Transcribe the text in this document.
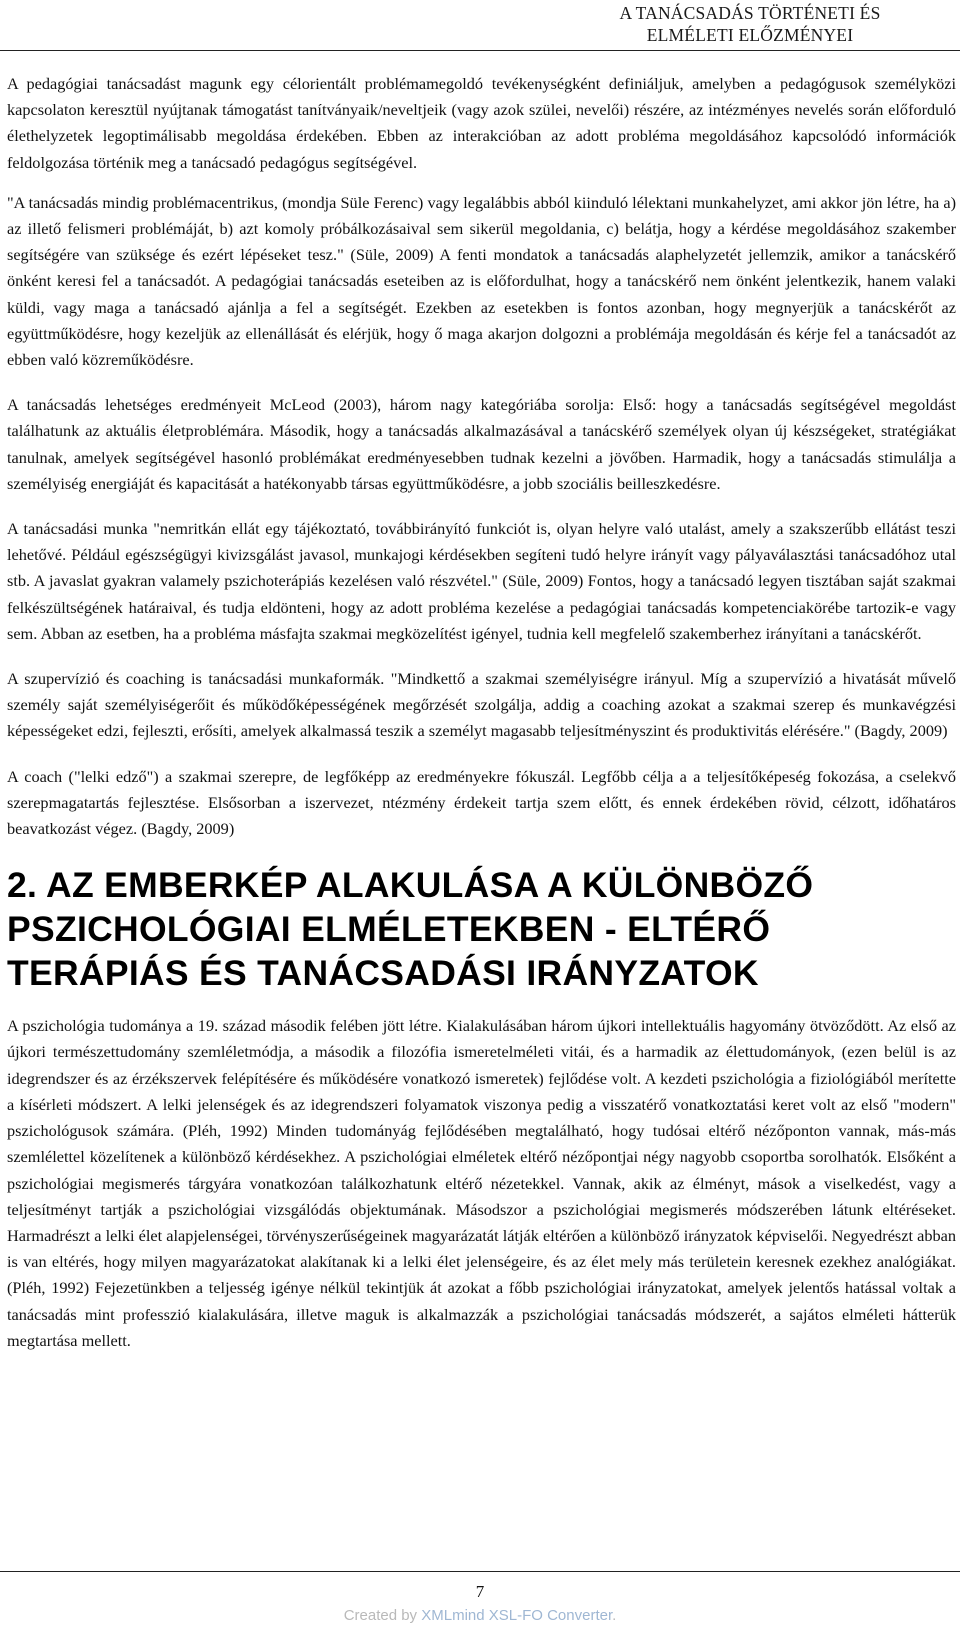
A TANÁCSADÁS TÖRTÉNETI ÉS
ELMÉLETI ELŐZMÉNYEI

A pedagógiai tanácsadást magunk egy célorientált problémamegoldó tevékenységként definiáljuk, amelyben a pedagógusok személyközi kapcsolaton keresztül nyújtanak támogatást tanítványaik/neveltjeik (vagy azok szülei, nevelői) részére, az intézményes nevelés során előforduló élethelyzetek legoptimálisabb megoldása érdekében. Ebben az interakcióban az adott probléma megoldásához kapcsolódó információk feldolgozása történik meg a tanácsadó pedagógus segítségével.

"A tanácsadás mindig problémacentrikus, (mondja Süle Ferenc) vagy legalábbis abból kiinduló lélektani munkahelyzet, ami akkor jön létre, ha a) az illető felismeri problémáját, b) azt komoly próbálkozásaival sem sikerül megoldania, c) belátja, hogy a kérdése megoldásához szakember segítségére van szüksége és ezért lépéseket tesz." (Süle, 2009) A fenti mondatok a tanácsadás alaphelyzetét jellemzik, amikor a tanácskérő önként keresi fel a tanácsadót. A pedagógiai tanácsadás eseteiben az is előfordulhat, hogy a tanácskérő nem önként jelentkezik, hanem valaki küldi, vagy maga a tanácsadó ajánlja a fel a segítségét. Ezekben az esetekben is fontos azonban, hogy megnyerjük a tanácskérőt az együttműködésre, hogy kezeljük az ellenállását és elérjük, hogy ő maga akarjon dolgozni a problémája megoldásán és kérje fel a tanácsadót az ebben való közreműködésre.

A tanácsadás lehetséges eredményeit McLeod (2003), három nagy kategóriába sorolja: Első: hogy a tanácsadás segítségével megoldást találhatunk az aktuális életproblémára. Második, hogy a tanácsadás alkalmazásával a tanácskérő személyek olyan új készségeket, stratégiákat tanulnak, amelyek segítségével hasonló problémákat eredményesebben tudnak kezelni a jövőben. Harmadik, hogy a tanácsadás stimulálja a személyiség energiáját és kapacitását a hatékonyabb társas együttműködésre, a jobb szociális beilleszkedésre.

A tanácsadási munka "nemritkán ellát egy tájékoztató, továbbirányító funkciót is, olyan helyre való utalást, amely a szakszerűbb ellátást teszi lehetővé. Például egészségügyi kivizsgálást javasol, munkajogi kérdésekben segíteni tudó helyre irányít vagy pályaválasztási tanácsadóhoz utal stb. A javaslat gyakran valamely pszichoterápiás kezelésen való részvétel." (Süle, 2009) Fontos, hogy a tanácsadó legyen tisztában saját szakmai felkészültségének határaival, és tudja eldönteni, hogy az adott probléma kezelése a pedagógiai tanácsadás kompetenciakörébe tartozik-e vagy sem. Abban az esetben, ha a probléma másfajta szakmai megközelítést igényel, tudnia kell megfelelő szakemberhez irányítani a tanácskérőt.

A szupervízió és coaching is tanácsadási munkaformák. "Mindkettő a szakmai személyiségre irányul. Míg a szupervízió a hivatását művelő személy saját személyiségerőit és működőképességének megőrzését szolgálja, addig a coaching azokat a szakmai szerep és munkavégzési képességeket edzi, fejleszti, erősíti, amelyek alkalmassá teszik a személyt magasabb teljesítményszint és produktivitás elérésére." (Bagdy, 2009)

A coach ("lelki edző") a szakmai szerepre, de legfőképp az eredményekre fókuszál. Legfőbb célja a a teljesítőképeség fokozása, a cselekvő szerepmagatartás fejlesztése. Elsősorban a iszervezet, ntézmény érdekeit tartja szem előtt, és ennek érdekében rövid, célzott, időhatáros beavatkozást végez. (Bagdy, 2009)

2. AZ EMBERKÉP ALAKULÁSA A KÜLÖNBÖZŐ PSZICHOLÓGIAI ELMÉLETEKBEN - ELTÉRŐ TERÁPIÁS ÉS TANÁCSADÁSI IRÁNYZATOK

A pszichológia tudománya a 19. század második felében jött létre. Kialakulásában három újkori intellektuális hagyomány ötvöződött. Az első az újkori természettudomány szemléletmódja, a második a filozófia ismeretelméleti vitái, és a harmadik az élettudományok, (ezen belül is az idegrendszer és az érzékszervek felépítésére és működésére vonatkozó ismeretek) fejlődése volt. A kezdeti pszichológia a fiziológiából merítette a kísérleti módszert. A lelki jelenségek és az idegrendszeri folyamatok viszonya pedig a visszatérő vonatkoztatási keret volt az első "modern" pszichológusok számára. (Pléh, 1992) Minden tudományág fejlődésében megtalálható, hogy tudósai eltérő nézőponton vannak, más-más szemlélettel közelítenek a különböző kérdésekhez. A pszichológiai elméletek eltérő nézőpontjai négy nagyobb csoportba sorolhatók. Elsőként a pszichológiai megismerés tárgyára vonatkozóan találkozhatunk eltérő nézetekkel. Vannak, akik az élményt, mások a viselkedést, vagy a teljesítményt tartják a pszichológiai vizsgálódás objektumának. Másodszor a pszichológiai megismerés módszerében látunk eltéréseket. Harmadrészt a lelki élet alapjelenségei, törvényszerűségeinek magyarázatát látják eltérően a különböző irányzatok képviselői. Negyedrészt abban is van eltérés, hogy milyen magyarázatokat alakítanak ki a lelki élet jelenségeire, és az élet mely más területein keresnek ezekhez analógiákat. (Pléh, 1992) Fejezetünkben a teljesség igénye nélkül tekintjük át azokat a főbb pszichológiai irányzatokat, amelyek jelentős hatással voltak a tanácsadás mint professzió kialakulására, illetve maguk is alkalmazzák a pszichológiai tanácsadás módszerét, a sajátos elméleti hátterük megtartása mellett.

7
Created by XMLmind XSL-FO Converter.
